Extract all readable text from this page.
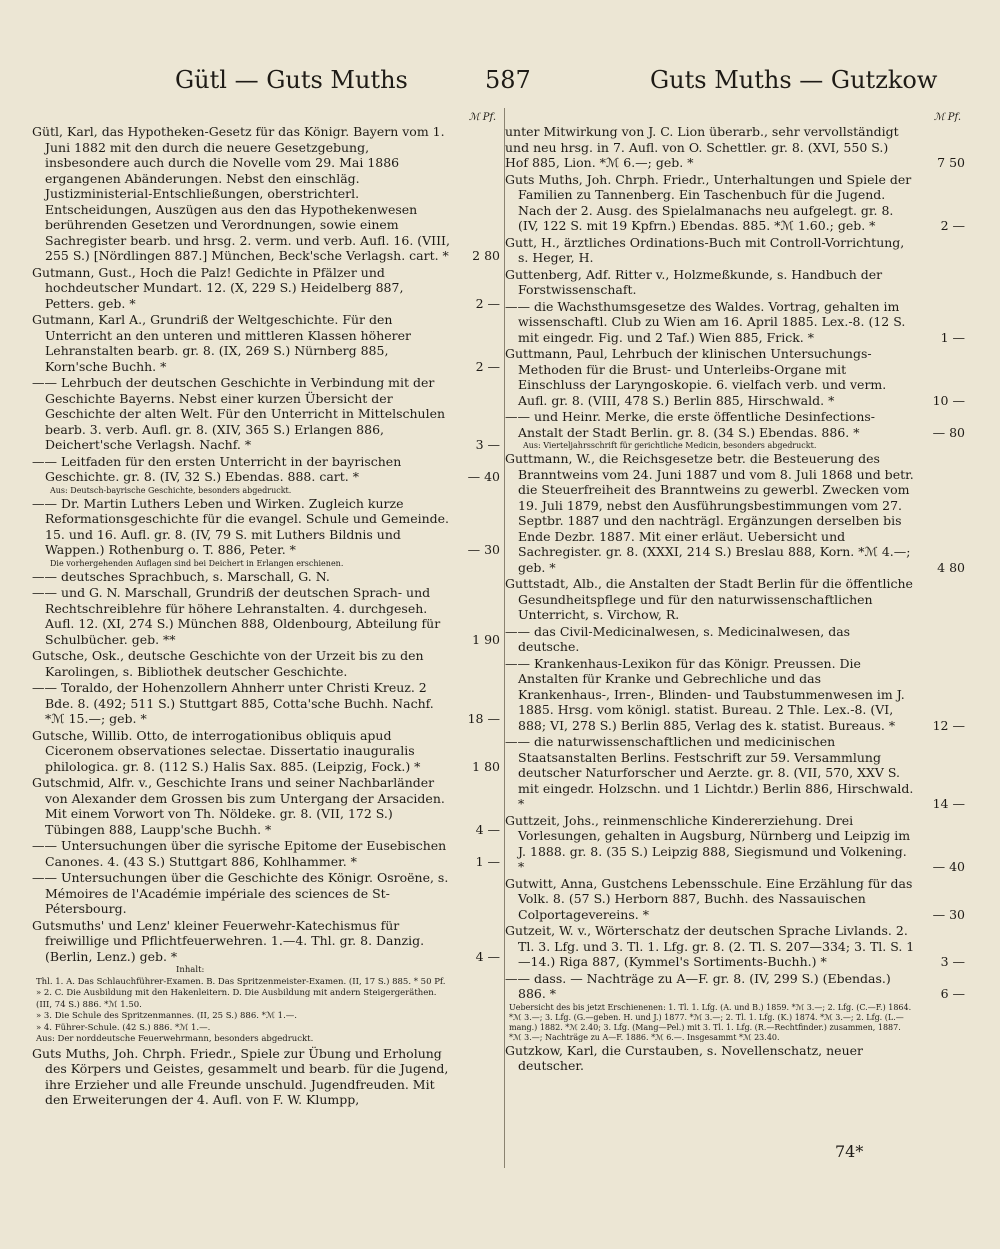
Gütl — Guts Muths	587	Guts Muths — Gutzkow
ℳ Pf.
Gütl, Karl, das Hypotheken-Gesetz für das Königr. Bayern vom 1. Juni 1882 mit den durch die neuere Gesetzgebung, insbesondere auch durch die Novelle vom 29. Mai 1886 ergangenen Abänderungen. Nebst den einschläg. Justizministerial-Entschließungen, oberstrichterl. Entscheidungen, Auszügen aus den das Hypothekenwesen berührenden Gesetzen und Verordnungen, sowie einem Sachregister bearb. und hrsg. 2. verm. und verb. Aufl. 16. (VIII, 255 S.) [Nördlingen 887.] München, Beck'sche Verlagsh. cart. *	2 80
Gutmann, Gust., Hoch die Palz! Gedichte in Pfälzer und hochdeutscher Mundart. 12. (X, 229 S.) Heidelberg 887, Petters. geb. *	2 —
Gutmann, Karl A., Grundriß der Weltgeschichte. Für den Unterricht an den unteren und mittleren Klassen höherer Lehranstalten bearb. gr. 8. (IX, 269 S.) Nürnberg 885, Korn'sche Buchh. *	2 —
—— Lehrbuch der deutschen Geschichte in Verbindung mit der Geschichte Bayerns. Nebst einer kurzen Übersicht der Geschichte der alten Welt. Für den Unterricht in Mittelschulen bearb. 3. verb. Aufl. gr. 8. (XIV, 365 S.) Erlangen 886, Deichert'sche Verlagsh. Nachf. *	3 —
—— Leitfaden für den ersten Unterricht in der bayrischen Geschichte. gr. 8. (IV, 32 S.) Ebendas. 888. cart. *	— 40
Aus: Deutsch-bayrische Geschichte, besonders abgedruckt.
—— Dr. Martin Luthers Leben und Wirken. Zugleich kurze Reformationsgeschichte für die evangel. Schule und Gemeinde. 15. und 16. Aufl. gr. 8. (IV, 79 S. mit Luthers Bildnis und Wappen.) Rothenburg o. T. 886, Peter. *	— 30
Die vorhergehenden Auflagen sind bei Deichert in Erlangen erschienen.
—— deutsches Sprachbuch, s. Marschall, G. N.
—— und G. N. Marschall, Grundriß der deutschen Sprach- und Rechtschreiblehre für höhere Lehranstalten. 4. durchgeseh. Aufl. 12. (XI, 274 S.) München 888, Oldenbourg, Abteilung für Schulbücher. geb. **	1 90
Gutsche, Osk., deutsche Geschichte von der Urzeit bis zu den Karolingen, s. Bibliothek deutscher Geschichte.
—— Toraldo, der Hohenzollern Ahnherr unter Christi Kreuz. 2 Bde. 8. (492; 511 S.) Stuttgart 885, Cotta'sche Buchh. Nachf. *ℳ 15.—; geb. *	18 —
Gutsche, Willib. Otto, de interrogationibus obliquis apud Ciceronem observationes selectae. Dissertatio inauguralis philologica. gr. 8. (112 S.) Halis Sax. 885. (Leipzig, Fock.) *	1 80
Gutschmid, Alfr. v., Geschichte Irans und seiner Nachbarländer von Alexander dem Grossen bis zum Untergang der Arsaciden. Mit einem Vorwort von Th. Nöldeke. gr. 8. (VII, 172 S.) Tübingen 888, Laupp'sche Buchh. *	4 —
—— Untersuchungen über die syrische Epitome der Eusebischen Canones. 4. (43 S.) Stuttgart 886, Kohlhammer. *	1 —
—— Untersuchungen über die Geschichte des Königr. Osroëne, s. Mémoires de l'Académie impériale des sciences de St-Pétersbourg.
Gutsmuths' und Lenz' kleiner Feuerwehr-Katechismus für freiwillige und Pflichtfeuerwehren. 1.—4. Thl. gr. 8. Danzig. (Berlin, Lenz.) geb. *	4 —
Inhalt:
Thl. 1. A. Das Schlauchführer-Examen. B. Das Spritzenmeister-Examen. (II, 17 S.) 885. * 50 Pf.
» 2. C. Die Ausbildung mit den Hakenleitern. D. Die Ausbildung mit andern Steigergeräthen. (III, 74 S.) 886. *ℳ 1.50.
» 3. Die Schule des Spritzenmannes. (II, 25 S.) 886. *ℳ 1.—.
» 4. Führer-Schule. (42 S.) 886. *ℳ 1.—.
Aus: Der norddeutsche Feuerwehrmann, besonders abgedruckt.
Guts Muths, Joh. Chrph. Friedr., Spiele zur Übung und Erholung des Körpers und Geistes, gesammelt und bearb. für die Jugend, ihre Erzieher und alle Freunde unschuld. Jugendfreuden. Mit den Erweiterungen der 4. Aufl. von F. W. Klumpp,
ℳ Pf.
unter Mitwirkung von J. C. Lion überarb., sehr vervollständigt und neu hrsg. in 7. Aufl. von O. Schettler. gr. 8. (XVI, 550 S.) Hof 885, Lion. *ℳ 6.—; geb. *	7 50
Guts Muths, Joh. Chrph. Friedr., Unterhaltungen und Spiele der Familien zu Tannenberg. Ein Taschenbuch für die Jugend. Nach der 2. Ausg. des Spielalmanachs neu aufgelegt. gr. 8. (IV, 122 S. mit 19 Kpfrn.) Ebendas. 885. *ℳ 1.60.; geb. *	2 —
Gutt, H., ärztliches Ordinations-Buch mit Controll-Vorrichtung, s. Heger, H.
Guttenberg, Adf. Ritter v., Holzmeßkunde, s. Handbuch der Forstwissenschaft.
—— die Wachsthumsgesetze des Waldes. Vortrag, gehalten im wissenschaftl. Club zu Wien am 16. April 1885. Lex.-8. (12 S. mit eingedr. Fig. und 2 Taf.) Wien 885, Frick. *	1 —
Guttmann, Paul, Lehrbuch der klinischen Untersuchungs-Methoden für die Brust- und Unterleibs-Organe mit Einschluss der Laryngoskopie. 6. vielfach verb. und verm. Aufl. gr. 8. (VIII, 478 S.) Berlin 885, Hirschwald. *	10 —
—— und Heinr. Merke, die erste öffentliche Desinfections-Anstalt der Stadt Berlin. gr. 8. (34 S.) Ebendas. 886. *	— 80
Aus: Vierteljahrsschrift für gerichtliche Medicin, besonders abgedruckt.
Guttmann, W., die Reichsgesetze betr. die Besteuerung des Branntweins vom 24. Juni 1887 und vom 8. Juli 1868 und betr. die Steuerfreiheit des Branntweins zu gewerbl. Zwecken vom 19. Juli 1879, nebst den Ausführungsbestimmungen vom 27. Septbr. 1887 und den nachträgl. Ergänzungen derselben bis Ende Dezbr. 1887. Mit einer erläut. Uebersicht und Sachregister. gr. 8. (XXXI, 214 S.) Breslau 888, Korn. *ℳ 4.—; geb. *	4 80
Guttstadt, Alb., die Anstalten der Stadt Berlin für die öffentliche Gesundheitspflege und für den naturwissenschaftlichen Unterricht, s. Virchow, R.
—— das Civil-Medicinalwesen, s. Medicinalwesen, das deutsche.
—— Krankenhaus-Lexikon für das Königr. Preussen. Die Anstalten für Kranke und Gebrechliche und das Krankenhaus-, Irren-, Blinden- und Taubstummenwesen im J. 1885. Hrsg. vom königl. statist. Bureau. 2 Thle. Lex.-8. (VI, 888; VI, 278 S.) Berlin 885, Verlag des k. statist. Bureaus. *	12 —
—— die naturwissenschaftlichen und medicinischen Staatsanstalten Berlins. Festschrift zur 59. Versammlung deutscher Naturforscher und Aerzte. gr. 8. (VII, 570, XXV S. mit eingedr. Holzschn. und 1 Lichtdr.) Berlin 886, Hirschwald. *	14 —
Guttzeit, Johs., reinmenschliche Kindererziehung. Drei Vorlesungen, gehalten in Augsburg, Nürnberg und Leipzig im J. 1888. gr. 8. (35 S.) Leipzig 888, Siegismund und Volkening. *	— 40
Gutwitt, Anna, Gustchens Lebensschule. Eine Erzählung für das Volk. 8. (57 S.) Herborn 887, Buchh. des Nassauischen Colportagevereins. *	— 30
Gutzeit, W. v., Wörterschatz der deutschen Sprache Livlands. 2. Tl. 3. Lfg. und 3. Tl. 1. Lfg. gr. 8. (2. Tl. S. 207—334; 3. Tl. S. 1—14.) Riga 887, (Kymmel's Sortiments-Buchh.) *	3 —
—— dass. — Nachträge zu A—F. gr. 8. (IV, 299 S.) (Ebendas.) 886. *	6 —
Uebersicht des bis jetzt Erschienenen: 1. Tl. 1. Lfg. (A. und B.) 1859. *ℳ 3.—; 2. Lfg. (C.—F.) 1864. *ℳ 3.—; 3. Lfg. (G.—geben. H. und J.) 1877. *ℳ 3.—; 2. Tl. 1. Lfg. (K.) 1874. *ℳ 3.—; 2. Lfg. (L.—mang.) 1882. *ℳ 2.40; 3. Lfg. (Mang—Pel.) mit 3. Tl. 1. Lfg. (R.—Rechtfinder.) zusammen, 1887. *ℳ 3.—; Nachträge zu A—F. 1886. *ℳ 6.—. Insgesammt *ℳ 23.40.
Gutzkow, Karl, die Curstauben, s. Novellenschatz, neuer deutscher.
74*
